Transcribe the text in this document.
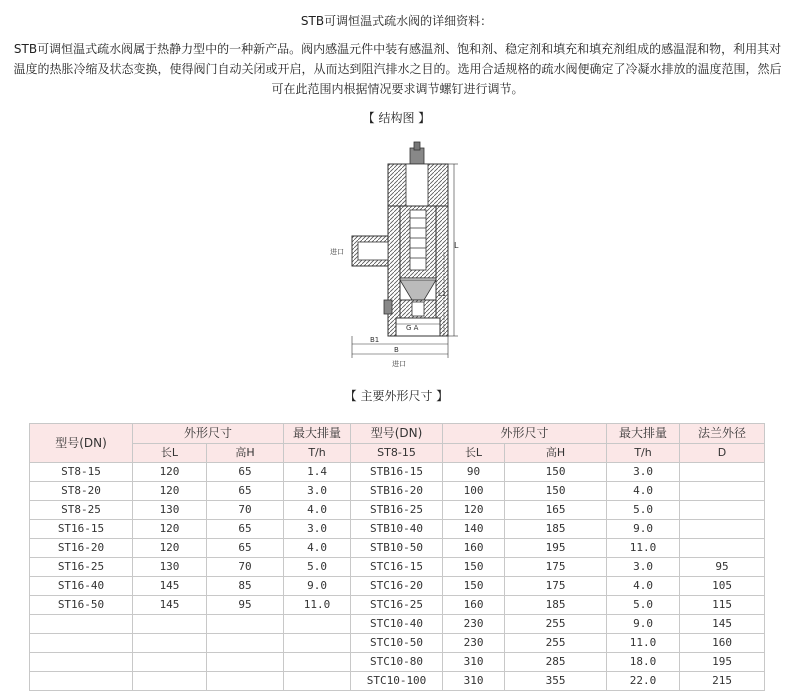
STB可调恒温式疏水阀的详细资料：
STB可调恒温式疏水阀属于热静力型中的一种新产品。阀内感温元件中装有感温剂、饱和剂、稳定剂和填充和填充剂组成的感温混和物，利用其对温度的热胀冷缩及状态变换，使得阀门自动关闭或开启，从而达到阻汽排水之目的。选用合适规格的疏水阀便确定了冷凝水排放的温度范围，然后可在此范围内根据情况要求调节螺钉进行调节。
【 结构图 】
L
L1
G A
B1
B
进口
进口
【 主要外形尺寸 】
型号(DN)	外形尺寸		最大排量	型号(DN)	外形尺寸		最大排量	法兰外径
	长L	高H	T/h	ST8-15	长L	高H	T/h	D
ST8-15	120	65	1.4	STB16-15	90	150	3.0	
ST8-20	120	65	3.0	STB16-20	100	150	4.0	
ST8-25	130	70	4.0	STB16-25	120	165	5.0	
ST16-15	120	65	3.0	STB10-40	140	185	9.0	
ST16-20	120	65	4.0	STB10-50	160	195	11.0	
ST16-25	130	70	5.0	STC16-15	150	175	3.0	95
ST16-40	145	85	9.0	STC16-20	150	175	4.0	105
ST16-50	145	95	11.0	STC16-25	160	185	5.0	115
				STC10-40	230	255	9.0	145
				STC10-50	230	255	11.0	160
				STC10-80	310	285	18.0	195
				STC10-100	310	355	22.0	215
